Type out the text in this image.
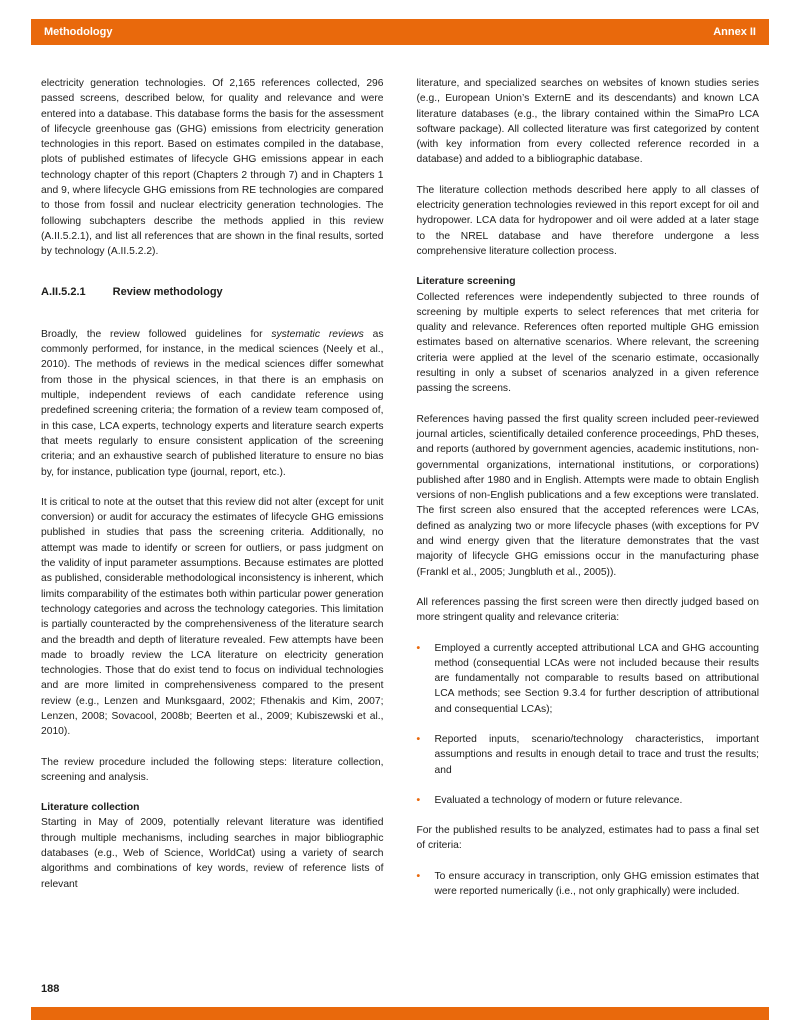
Methodology	Annex II

electricity generation technologies. Of 2,165 references collected, 296 passed screens, described below, for quality and relevance and were entered into a database. This database forms the basis for the assessment of lifecycle greenhouse gas (GHG) emissions from electricity generation technologies in this report. Based on estimates compiled in the database, plots of published estimates of lifecycle GHG emissions appear in each technology chapter of this report (Chapters 2 through 7) and in Chapters 1 and 9, where lifecycle GHG emissions from RE technologies are compared to those from fossil and nuclear electricity generation technologies. The following subchapters describe the methods applied in this review (A.II.5.2.1), and list all references that are shown in the final results, sorted by technology (A.II.5.2.2).

A.II.5.2.1 Review methodology

Broadly, the review followed guidelines for systematic reviews as commonly performed, for instance, in the medical sciences (Neely et al., 2010). The methods of reviews in the medical sciences differ somewhat from those in the physical sciences, in that there is an emphasis on multiple, independent reviews of each candidate reference using predefined screening criteria; the formation of a review team composed of, in this case, LCA experts, technology experts and literature search experts that meets regularly to ensure consistent application of the screening criteria; and an exhaustive search of published literature to ensure no bias by, for instance, publication type (journal, report, etc.).

It is critical to note at the outset that this review did not alter (except for unit conversion) or audit for accuracy the estimates of lifecycle GHG emissions published in studies that pass the screening criteria. Additionally, no attempt was made to identify or screen for outliers, or pass judgment on the validity of input parameter assumptions. Because estimates are plotted as published, considerable methodological inconsistency is inherent, which limits comparability of the estimates both within particular power generation technology categories and across the technology categories. This limitation is partially counteracted by the comprehensiveness of the literature search and the breadth and depth of literature revealed. Few attempts have been made to broadly review the LCA literature on electricity generation technologies. Those that do exist tend to focus on individual technologies and are more limited in comprehensiveness compared to the present review (e.g., Lenzen and Munksgaard, 2002; Fthenakis and Kim, 2007; Lenzen, 2008; Sovacool, 2008b; Beerten et al., 2009; Kubiszewski et al., 2010).

The review procedure included the following steps: literature collection, screening and analysis.

Literature collection

Starting in May of 2009, potentially relevant literature was identified through multiple mechanisms, including searches in major bibliographic databases (e.g., Web of Science, WorldCat) using a variety of search algorithms and combinations of key words, review of reference lists of relevant

literature, and specialized searches on websites of known studies series (e.g., European Union’s ExternE and its descendants) and known LCA literature databases (e.g., the library contained within the SimaPro LCA software package). All collected literature was first categorized by content (with key information from every collected reference recorded in a database) and added to a bibliographic database.

The literature collection methods described here apply to all classes of electricity generation technologies reviewed in this report except for oil and hydropower. LCA data for hydropower and oil were added at a later stage to the NREL database and have therefore undergone a less comprehensive literature collection process.

Literature screening

Collected references were independently subjected to three rounds of screening by multiple experts to select references that met criteria for quality and relevance. References often reported multiple GHG emission estimates based on alternative scenarios. Where relevant, the screening criteria were applied at the level of the scenario estimate, occasionally resulting in only a subset of scenarios analyzed in a given reference passing the screens.

References having passed the first quality screen included peer-reviewed journal articles, scientifically detailed conference proceedings, PhD theses, and reports (authored by government agencies, academic institutions, non-governmental organizations, international institutions, or corporations) published after 1980 and in English. Attempts were made to obtain English versions of non-English publications and a few exceptions were translated. The first screen also ensured that the accepted references were LCAs, defined as analyzing two or more lifecycle phases (with exceptions for PV and wind energy given that the literature demonstrates that the vast majority of lifecycle GHG emissions occur in the manufacturing phase (Frankl et al., 2005; Jungbluth et al., 2005)).

All references passing the first screen were then directly judged based on more stringent quality and relevance criteria:

•	Employed a currently accepted attributional LCA and GHG accounting method (consequential LCAs were not included because their results are fundamentally not comparable to results based on attributional LCA methods; see Section 9.3.4 for further description of attributional and consequential LCAs);
•	Reported inputs, scenario/technology characteristics, important assumptions and results in enough detail to trace and trust the results; and
•	Evaluated a technology of modern or future relevance.

For the published results to be analyzed, estimates had to pass a final set of criteria:

•	To ensure accuracy in transcription, only GHG emission estimates that were reported numerically (i.e., not only graphically) were included.
188
